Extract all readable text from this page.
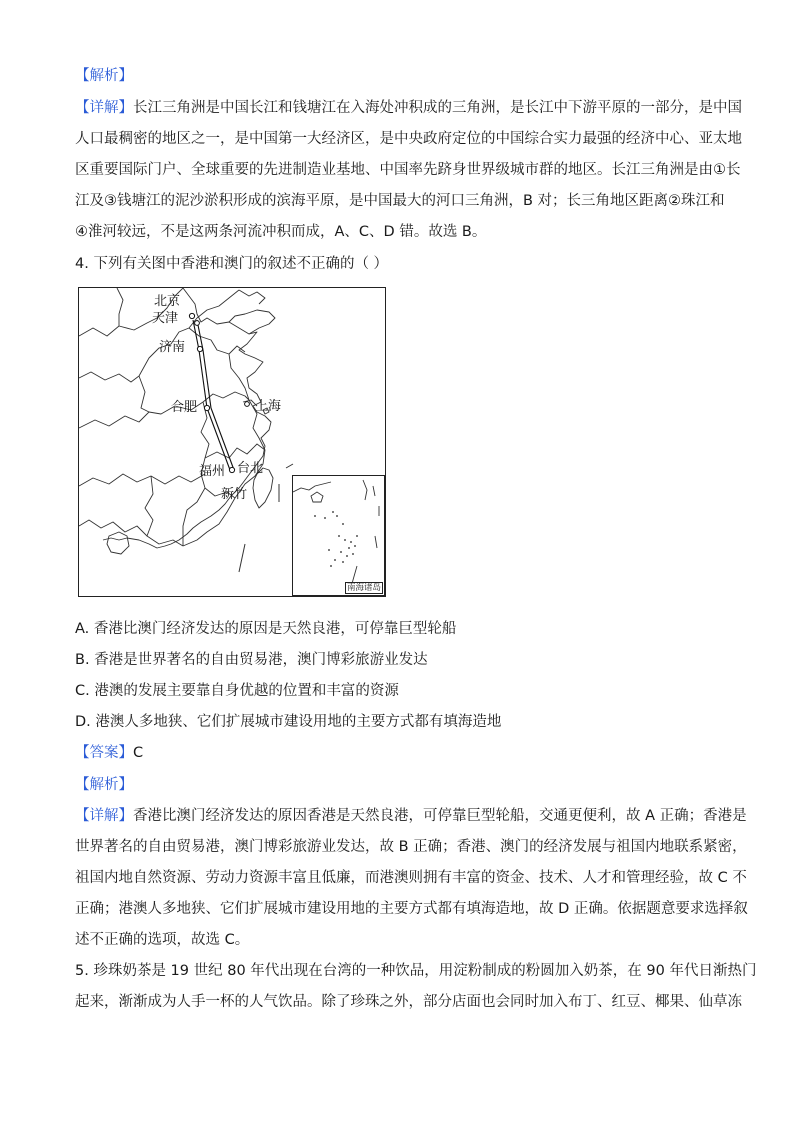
【解析】
【详解】长江三角洲是中国长江和钱塘江在入海处冲积成的三角洲，是长江中下游平原的一部分，是中国
人口最稠密的地区之一，是中国第一大经济区，是中央政府定位的中国综合实力最强的经济中心、亚太地
区重要国际门户、全球重要的先进制造业基地、中国率先跻身世界级城市群的地区。长江三角洲是由①长
江及③钱塘江的泥沙淤积形成的滨海平原，是中国最大的河口三角洲，B 对；长三角地区距离②珠江和
④淮河较远，不是这两条河流冲积而成，A、C、D 错。故选 B。
4. 下列有关图中香港和澳门的叙述不正确的（ ）
北京
天津
济南
合肥	上海
福州 台北
新竹
南海诸岛
A. 香港比澳门经济发达的原因是天然良港，可停靠巨型轮船
B. 香港是世界著名的自由贸易港，澳门博彩旅游业发达
C. 港澳的发展主要靠自身优越的位置和丰富的资源
D. 港澳人多地狭、它们扩展城市建设用地的主要方式都有填海造地
【答案】C
【解析】
【详解】香港比澳门经济发达的原因香港是天然良港，可停靠巨型轮船，交通更便利，故 A 正确；香港是
世界著名的自由贸易港，澳门博彩旅游业发达，故 B 正确；香港、澳门的经济发展与祖国内地联系紧密，
祖国内地自然资源、劳动力资源丰富且低廉，而港澳则拥有丰富的资金、技术、人才和管理经验，故 C 不
正确；港澳人多地狭、它们扩展城市建设用地的主要方式都有填海造地，故 D 正确。依据题意要求选择叙
述不正确的选项，故选 C。
5. 珍珠奶茶是 19 世纪 80 年代出现在台湾的一种饮品，用淀粉制成的粉圆加入奶茶，在 90 年代日渐热门
起来，渐渐成为人手一杯的人气饮品。除了珍珠之外，部分店面也会同时加入布丁、红豆、椰果、仙草冻
